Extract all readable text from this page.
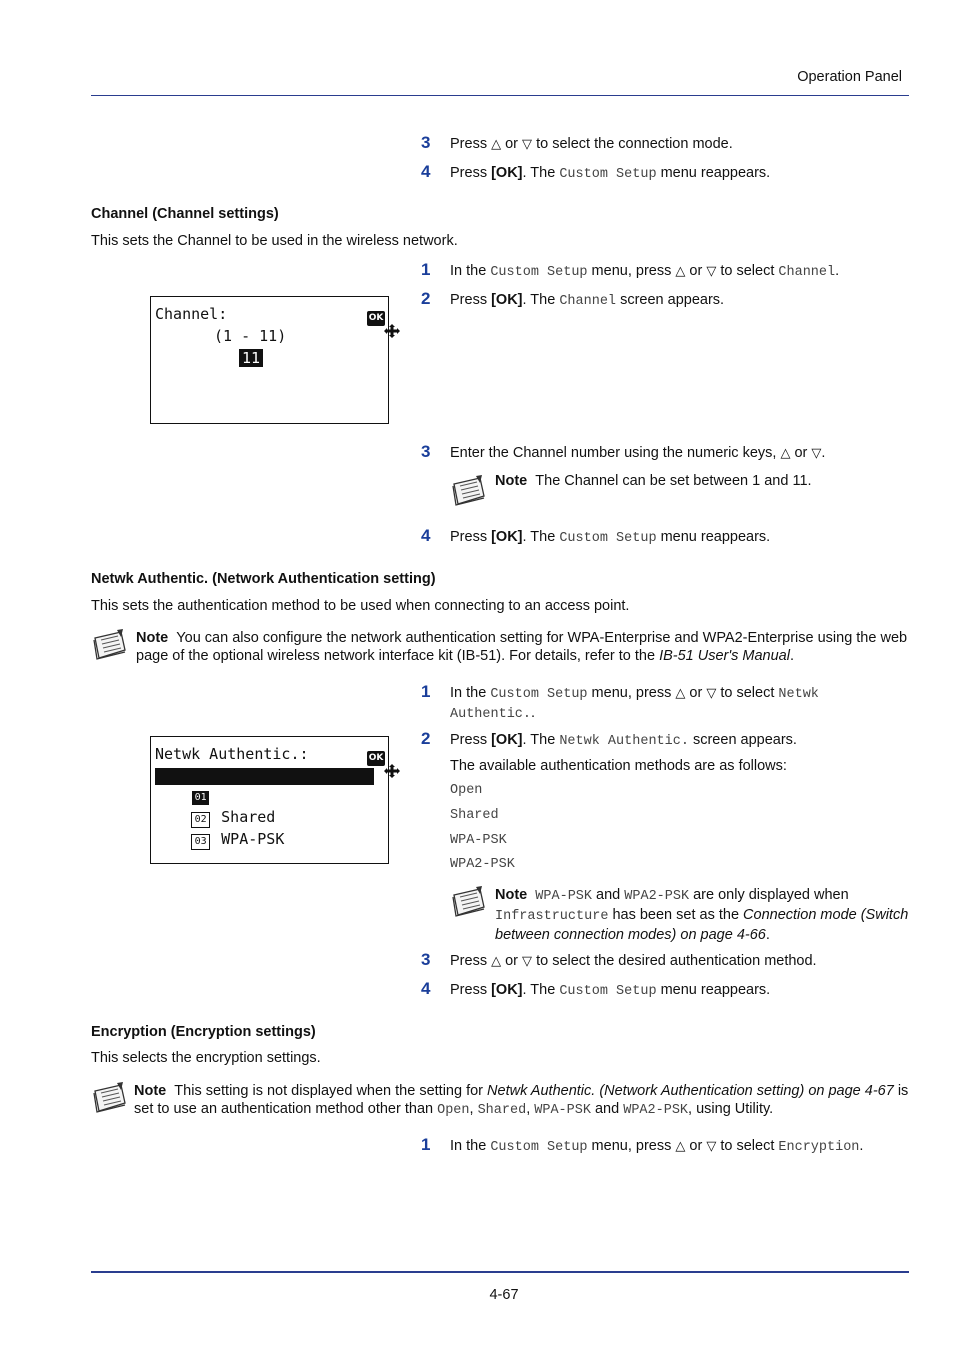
Operation Panel
3	Press △ or ▽ to select the connection mode.
4	Press [OK]. The Custom Setup menu reappears.
Channel (Channel settings)
This sets the Channel to be used in the wireless network.
1	In the Custom Setup menu, press △ or ▽ to select Channel.
2	Press [OK]. The Channel screen appears.
Channel:

	OK
(1 - 11)
11
3	Enter the Channel number using the numeric keys, △ or ▽.
Note The Channel can be set between 1 and 11.
4	Press [OK]. The Custom Setup menu reappears.
Netwk Authentic. (Network Authentication setting)
This sets the authentication method to be used when connecting to an access point.
Note You can also configure the network authentication setting for WPA-Enterprise and WPA2-Enterprise using the web page of the optional wireless network interface kit (IB-51). For details, refer to the IB-51 User's Manual.
1	In the Custom Setup menu, press △ or ▽ to select Netwk Authentic..
2	Press [OK]. The Netwk Authentic. screen appears.
The available authentication methods are as follows:
Open
Shared
WPA-PSK
WPA2-PSK
Netwk Authentic.:

	OK

01 *Open

02 Shared

03 WPA-PSK

Note WPA-PSK and WPA2-PSK are only displayed when Infrastructure has been set as the Connection mode (Switch between connection modes) on page 4-66.
3	Press △ or ▽ to select the desired authentication method.
4	Press [OK]. The Custom Setup menu reappears.
Encryption (Encryption settings)
This selects the encryption settings.
Note This setting is not displayed when the setting for Netwk Authentic. (Network Authentication setting) on page 4-67 is set to use an authentication method other than Open, Shared, WPA-PSK and WPA2-PSK, using Utility.
1	In the Custom Setup menu, press △ or ▽ to select Encryption.
4-67
